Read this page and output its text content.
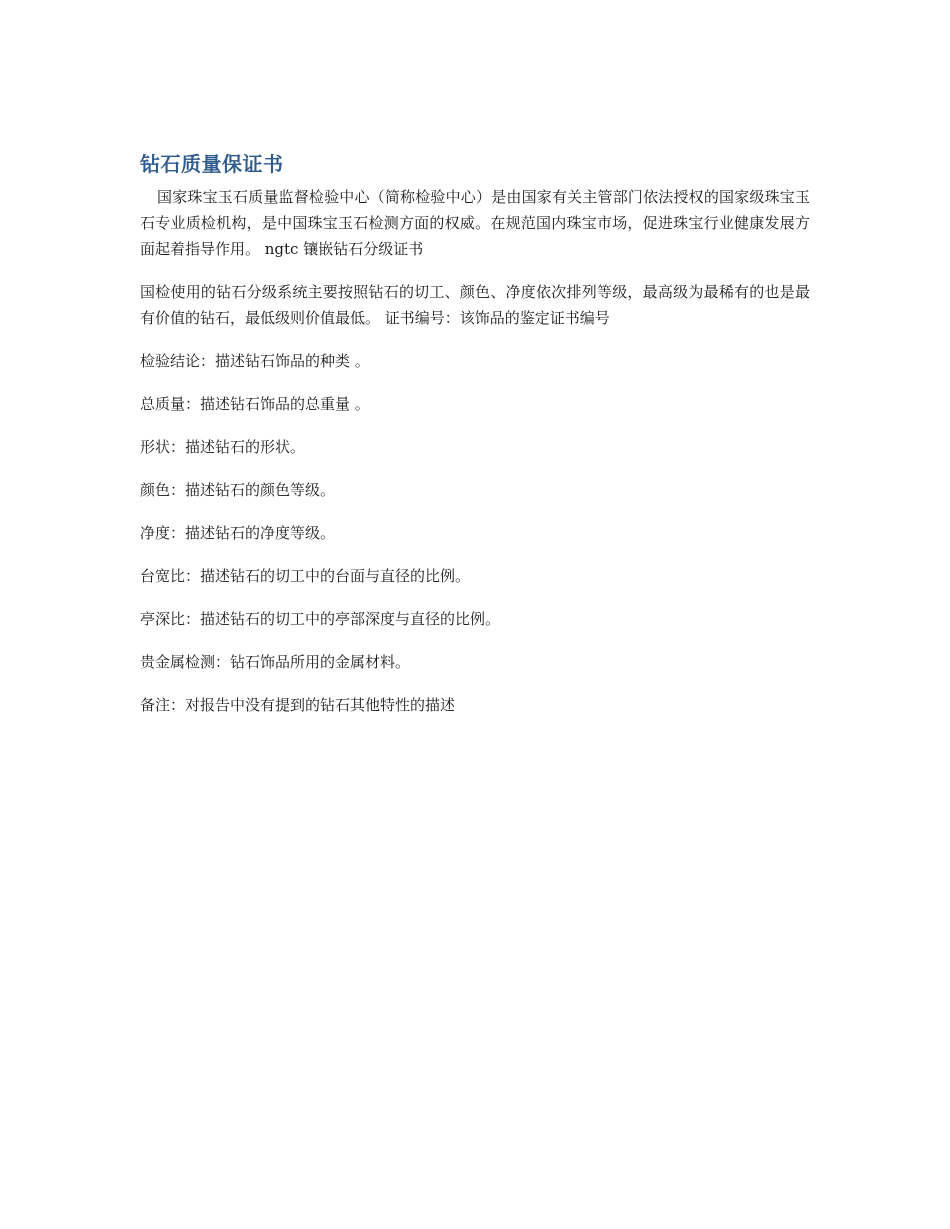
钻石质量保证书

国家珠宝玉石质量监督检验中心（简称检验中心）是由国家有关主管部门依法授权的国家级珠宝玉石专业质检机构，是中国珠宝玉石检测方面的权威。在规范国内珠宝市场，促进珠宝行业健康发展方面起着指导作用。 ngtc 镶嵌钻石分级证书

国检使用的钻石分级系统主要按照钻石的切工、颜色、净度依次排列等级，最高级为最稀有的也是最有价值的钻石，最低级则价值最低。 证书编号：该饰品的鉴定证书编号

检验结论：描述钻石饰品的种类 。

总质量：描述钻石饰品的总重量 。

形状：描述钻石的形状。

颜色：描述钻石的颜色等级。

净度：描述钻石的净度等级。

台宽比：描述钻石的切工中的台面与直径的比例。

亭深比：描述钻石的切工中的亭部深度与直径的比例。

贵金属检测：钻石饰品所用的金属材料。

备注：对报告中没有提到的钻石其他特性的描述
